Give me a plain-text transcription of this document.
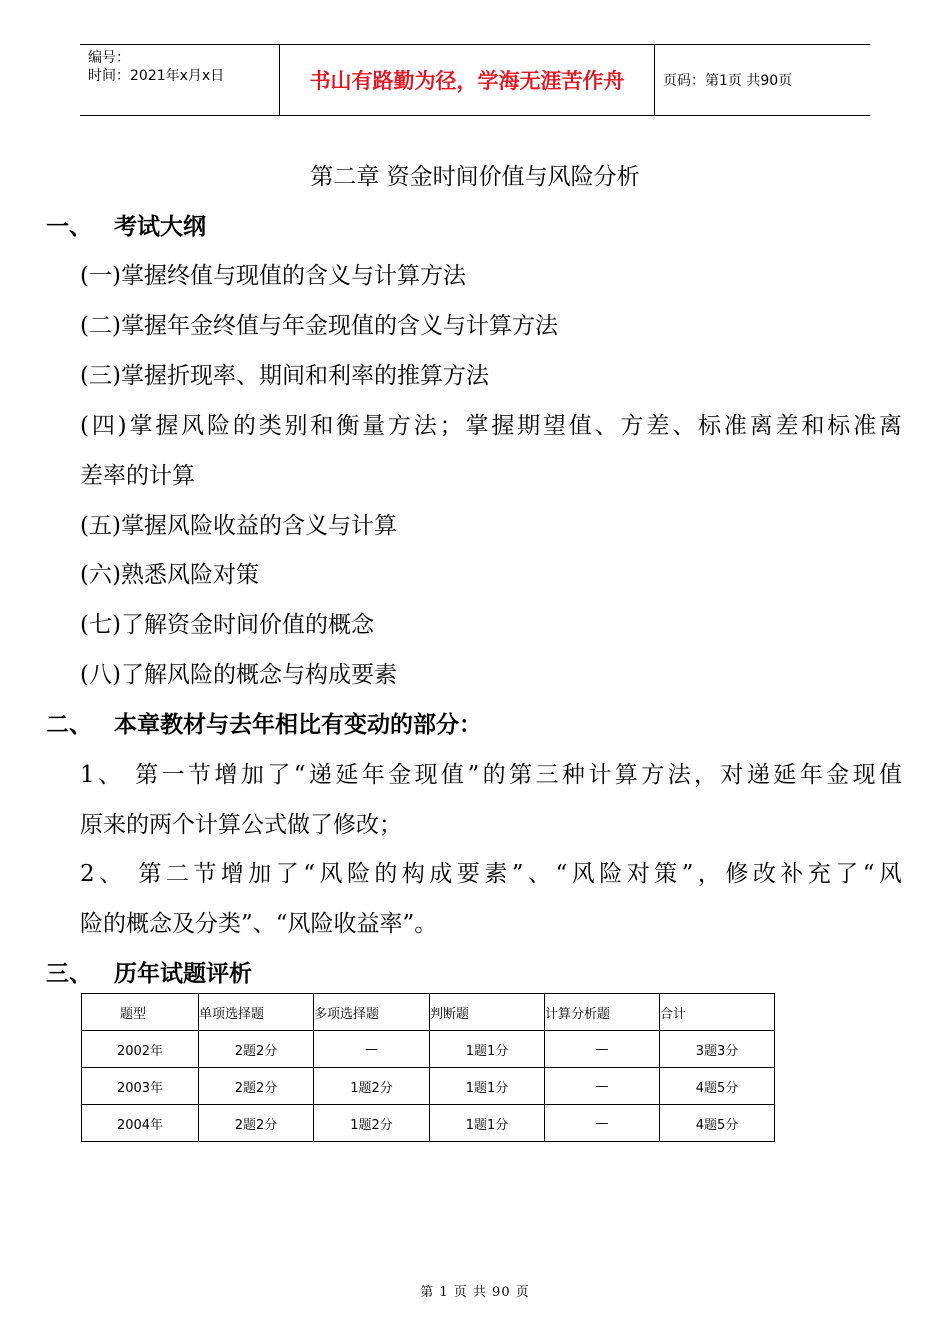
编号：
时间：2021年x月x日	书山有路勤为径，学海无涯苦作舟	页码：第1页 共90页
第二章 资金时间价值与风险分析
一、 考试大纲
(一)掌握终值与现值的含义与计算方法
(二)掌握年金终值与年金现值的含义与计算方法
(三)掌握折现率、期间和利率的推算方法
(四)掌握风险的类别和衡量方法；掌握期望值、方差、标准离差和标准离
差率的计算
(五)掌握风险收益的含义与计算
(六)熟悉风险对策
(七)了解资金时间价值的概念
(八)了解风险的概念与构成要素
二、 本章教材与去年相比有变动的部分：
1、 第一节增加了“递延年金现值”的第三种计算方法，对递延年金现值
原来的两个计算公式做了修改；
2、 第二节增加了“风险的构成要素”、“风险对策”，修改补充了“风
险的概念及分类”、“风险收益率”。
三、 历年试题评析
题型	单项选择题	多项选择题	判断题	计算分析题	合计
2002年	2题2分	—	1题1分	—	3题3分
2003年	2题2分	1题2分	1题1分	—	4题5分
2004年	2题2分	1题2分	1题1分	—	4题5分
第 1 页 共 90 页
